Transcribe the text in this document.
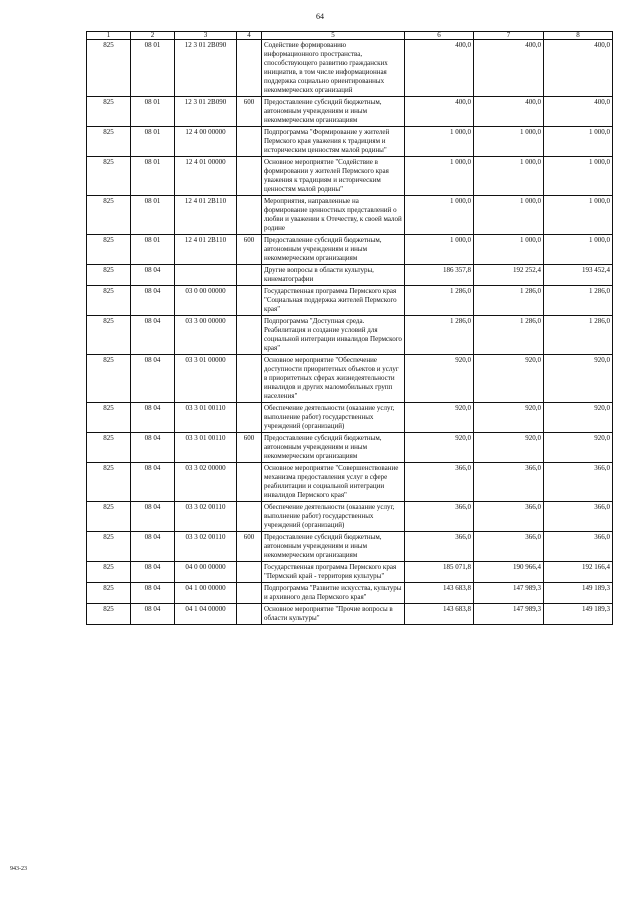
64
1	2	3	4	5	6	7	8
825	08 01	12 3 01 2В090		Содействие формированию информационного пространства, способствующего развитию гражданских инициатив, в том числе информационная поддержка социально ориентированных некоммерческих организаций	400,0	400,0	400,0
825	08 01	12 3 01 2В090	600	Предоставление субсидий бюджетным, автономным учреждениям и иным некоммерческим организациям	400,0	400,0	400,0
825	08 01	12 4 00 00000		Подпрограмма "Формирование у жителей Пермского края уважения к традициям и историческим ценностям малой родины"	1 000,0	1 000,0	1 000,0
825	08 01	12 4 01 00000		Основное мероприятие "Содействие в формировании у жителей Пермского края уважения к традициям и историческим ценностям малой родины"	1 000,0	1 000,0	1 000,0
825	08 01	12 4 01 2В110		Мероприятия, направленные на формирование ценностных представлений о любви и уважении к Отечеству, к своей малой родине	1 000,0	1 000,0	1 000,0
825	08 01	12 4 01 2В110	600	Предоставление субсидий бюджетным, автономным учреждениям и иным некоммерческим организациям	1 000,0	1 000,0	1 000,0
825	08 04			Другие вопросы в области культуры, кинематографии	186 357,8	192 252,4	193 452,4
825	08 04	03 0 00 00000		Государственная программа Пермского края "Социальная поддержка жителей Пермского края"	1 286,0	1 286,0	1 286,0
825	08 04	03 3 00 00000		Подпрограмма "Доступная среда. Реабилитация и создание условий для социальной интеграции инвалидов Пермского края"	1 286,0	1 286,0	1 286,0
825	08 04	03 3 01 00000		Основное мероприятие "Обеспечение доступности приоритетных объектов и услуг в приоритетных сферах жизнедеятельности инвалидов и других маломобильных групп населения"	920,0	920,0	920,0
825	08 04	03 3 01 00110		Обеспечение деятельности (оказание услуг, выполнение работ) государственных учреждений (организаций)	920,0	920,0	920,0
825	08 04	03 3 01 00110	600	Предоставление субсидий бюджетным, автономным учреждениям и иным некоммерческим организациям	920,0	920,0	920,0
825	08 04	03 3 02 00000		Основное мероприятие "Совершенствование механизма предоставления услуг в сфере реабилитации и социальной интеграции инвалидов Пермского края"	366,0	366,0	366,0
825	08 04	03 3 02 00110		Обеспечение деятельности (оказание услуг, выполнение работ) государственных учреждений (организаций)	366,0	366,0	366,0
825	08 04	03 3 02 00110	600	Предоставление субсидий бюджетным, автономным учреждениям и иным некоммерческим организациям	366,0	366,0	366,0
825	08 04	04 0 00 00000		Государственная программа Пермского края "Пермский край - территория культуры"	185 071,8	190 966,4	192 166,4
825	08 04	04 1 00 00000		Подпрограмма "Развитие искусства, культуры и архивного дела Пермского края"	143 683,8	147 989,3	149 189,3
825	08 04	04 1 04 00000		Основное мероприятие "Прочие вопросы в области культуры"	143 683,8	147 989,3	149 189,3
943-23
